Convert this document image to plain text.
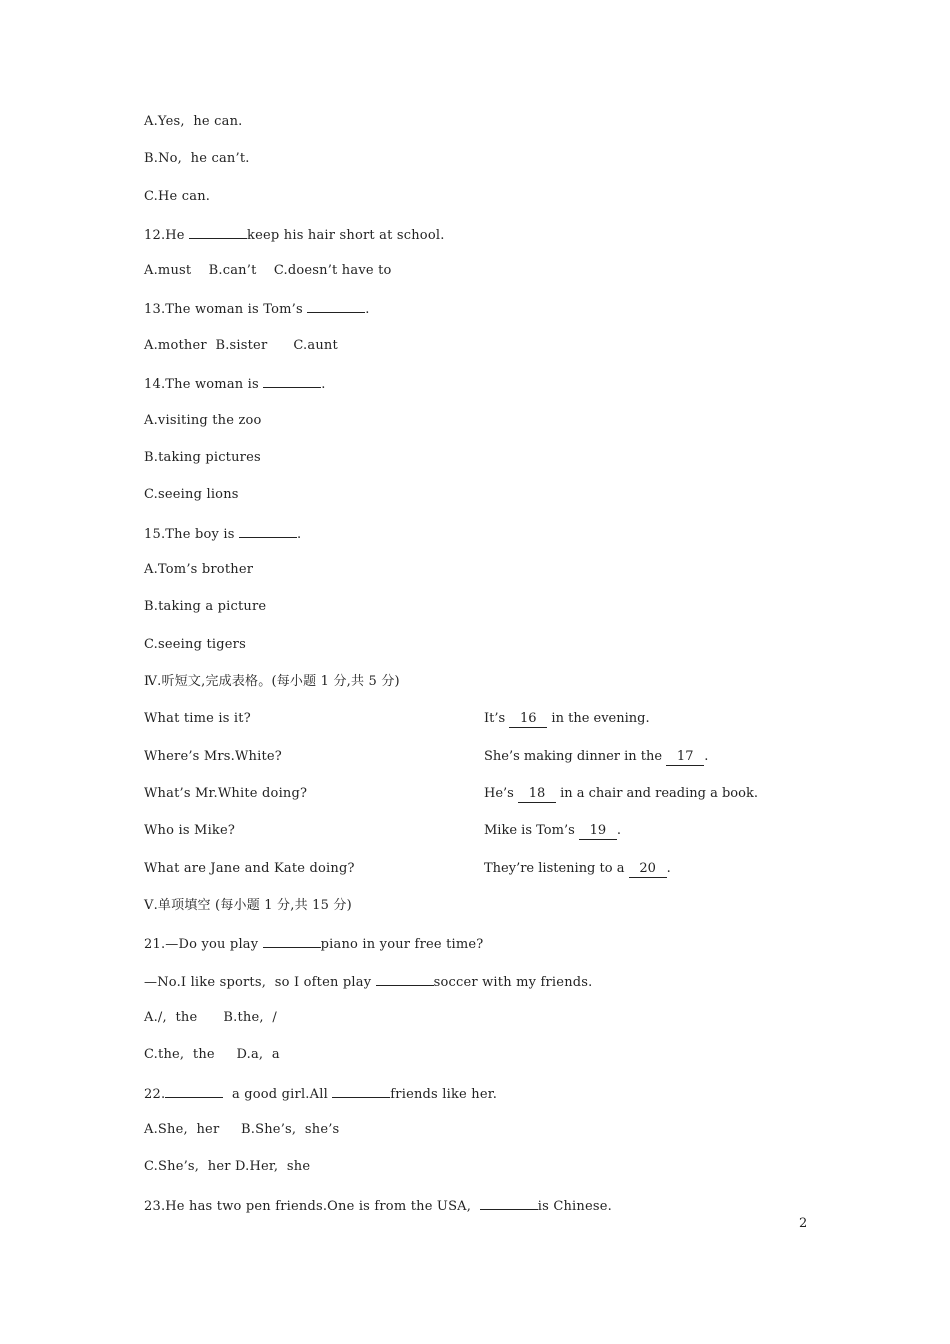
A.Yes,  he can.
B.No,  he can’t.
C.He can.
12.He	keep his hair short at school.
A.must    B.can’t    C.doesn’t have to
13.The woman is Tom’s	.
A.mother  B.sister      C.aunt
14.The woman is	.
A.visiting the zoo
B.taking pictures
C.seeing lions
15.The boy is	.
A.Tom’s brother
B.taking a picture
C.seeing tigers
Ⅳ.听短文,完成表格。(每小题 1 分,共 5 分)
What time is it?	It’s 16 in the evening.
Where’s Mrs.White?	She’s making dinner in the 17 .
What’s Mr.White doing?	He’s 18 in a chair and reading a book.
Who is Mike?	Mike is Tom’s 19 .
What are Jane and Kate doing?	They’re listening to a 20 .
Ⅴ.单项填空 (每小题 1 分,共 15 分)
21.—Do you play	piano in your free time?
—No.I like sports,  so I often play	soccer with my friends.
A./,  the      B.the,  /
C.the,  the     D.a,  a
22.	a good girl.All	friends like her.
A.She,  her     B.She’s,  she’s
C.She’s,  her D.Her,  she
23.He has two pen friends.One is from the USA,	is Chinese.
2
